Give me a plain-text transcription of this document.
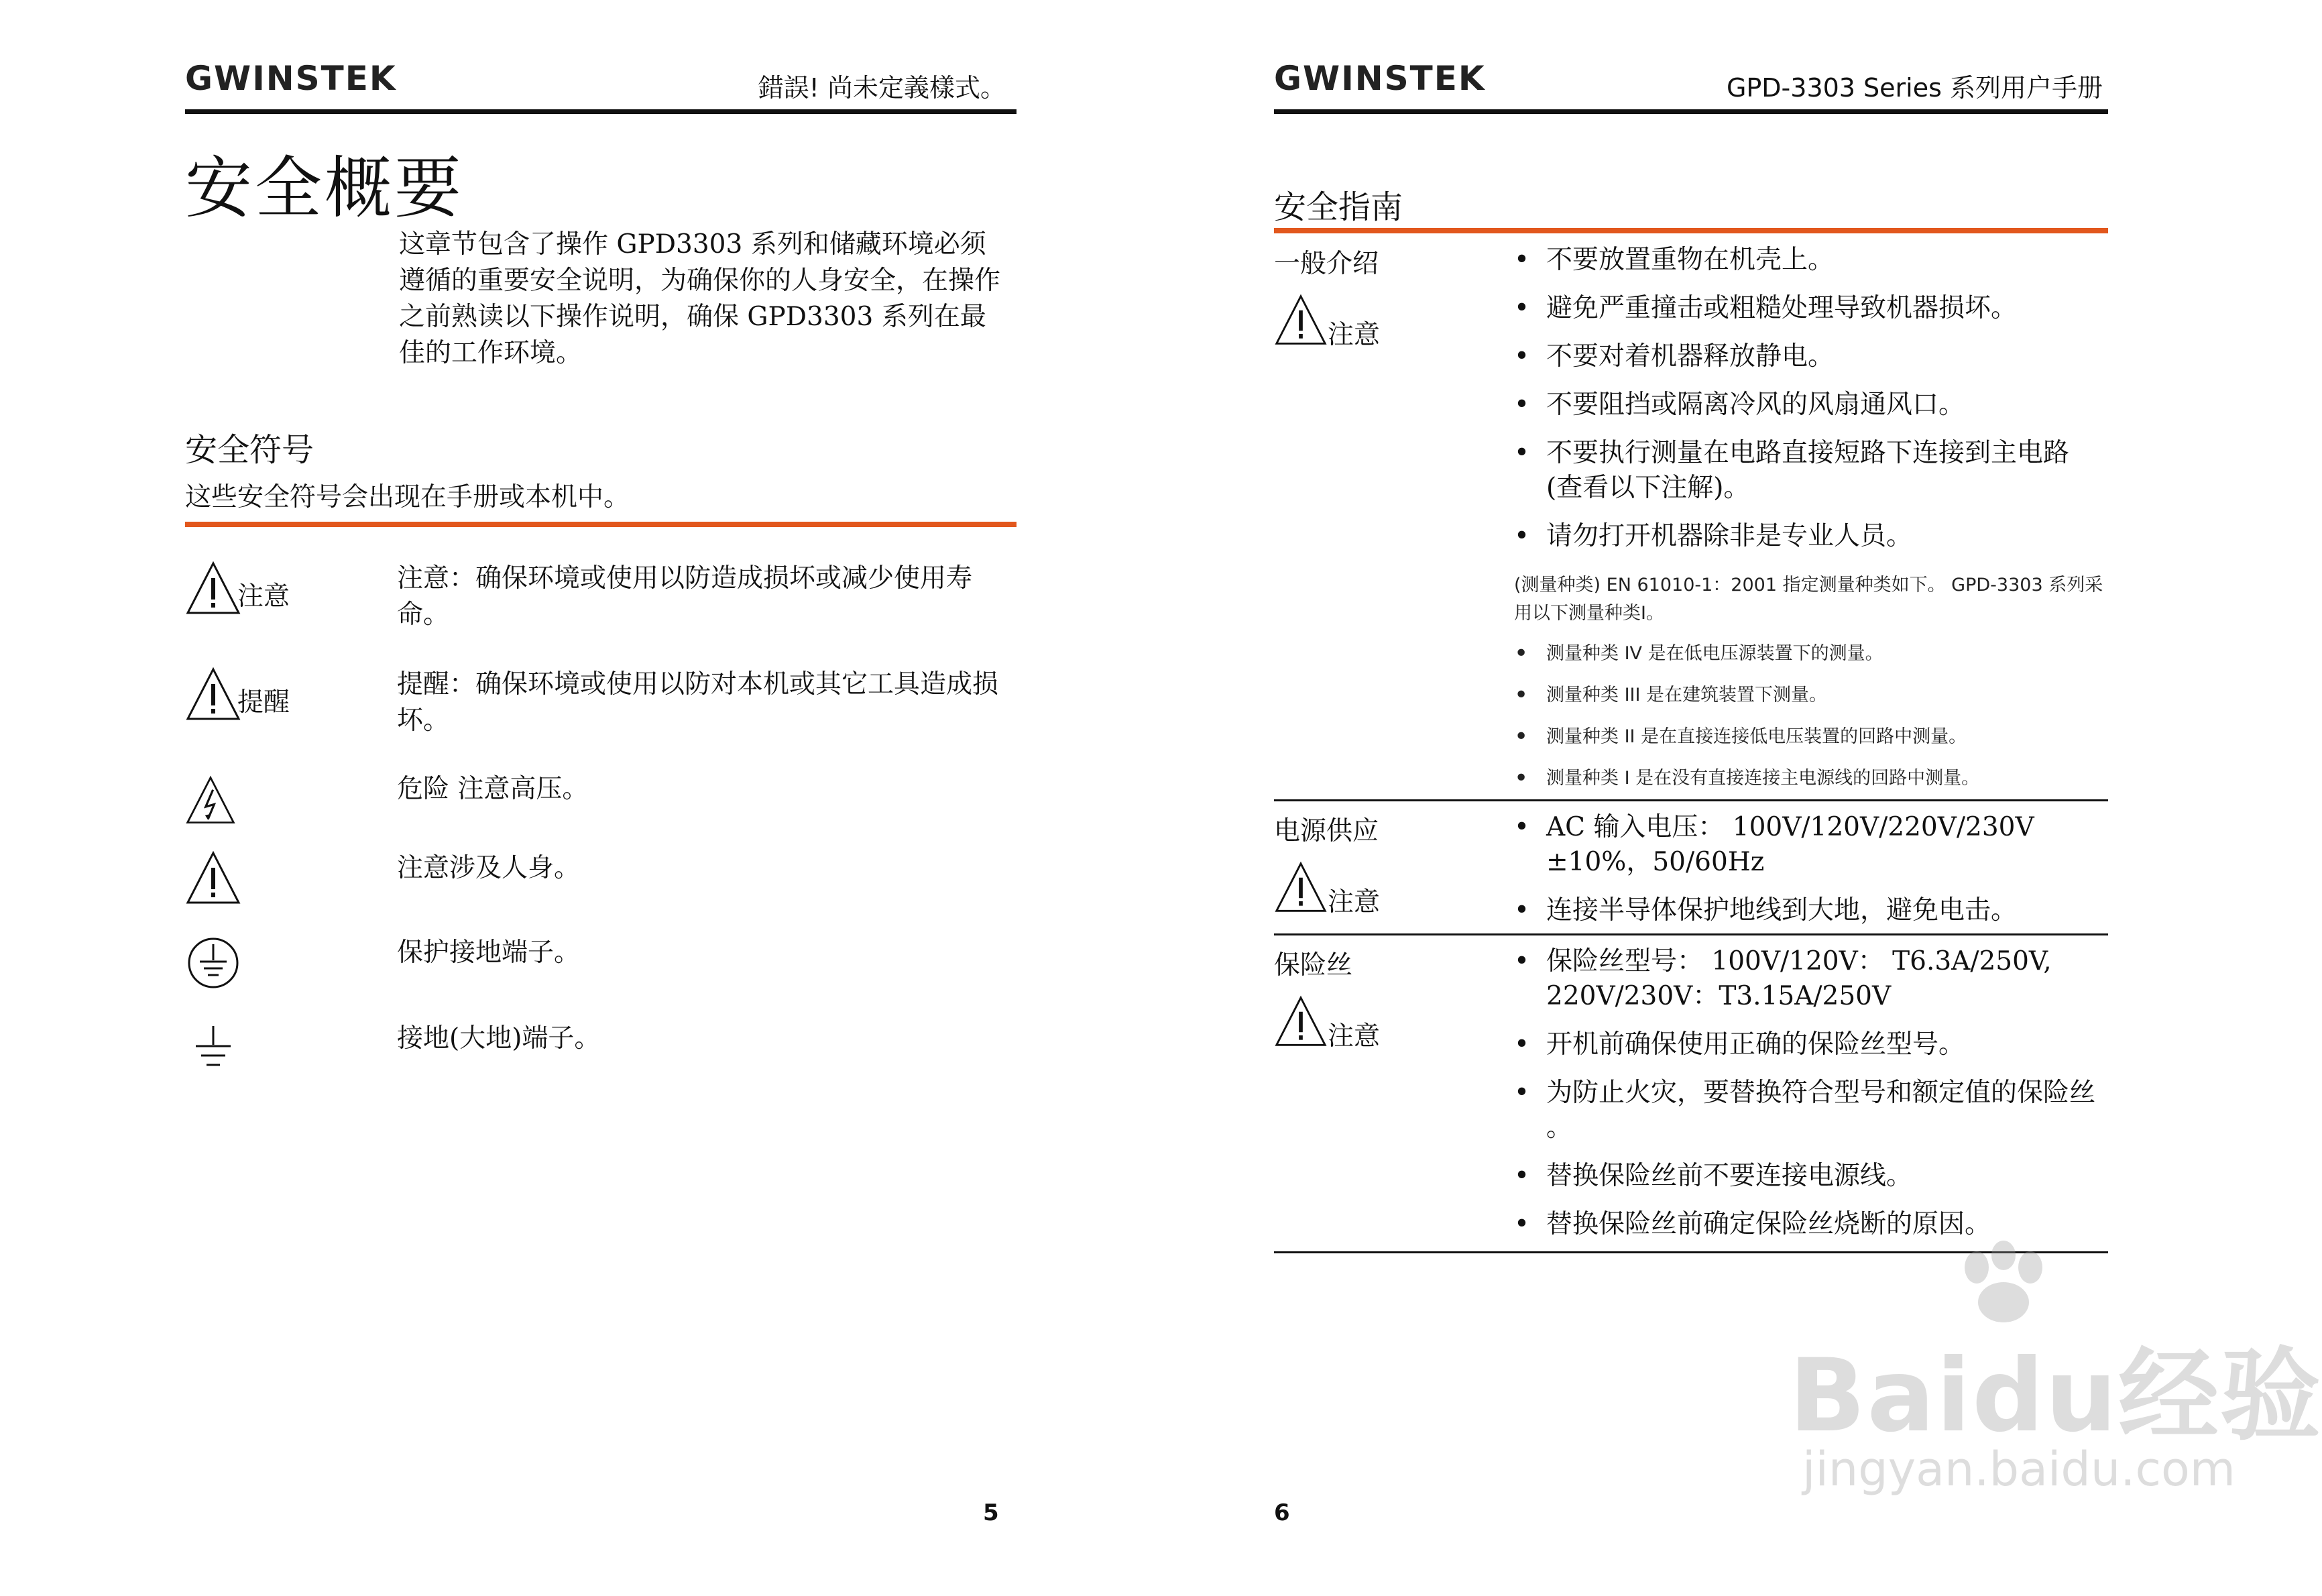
GWINSTEK	錯誤! 尚未定義樣式。
安全概要
这章节包含了操作 GPD3303 系列和储藏环境必须遵循的重要安全说明，为确保你的人身安全，在操作之前熟读以下操作说明，确保 GPD3303 系列在最佳的工作环境。
安全符号
这些安全符号会出现在手册或本机中。
注意
注意：确保环境或使用以防造成损坏或减少使用寿命。
提醒
提醒：确保环境或使用以防对本机或其它工具造成损坏。
危险 注意高压。
注意涉及人身。
保护接地端子。
接地(大地)端子。
5
GWINSTEK	GPD-3303 Series 系列用户手册
安全指南
一般介绍
注意
• 不要放置重物在机壳上。
• 避免严重撞击或粗糙处理导致机器损坏。
• 不要对着机器释放静电。
• 不要阻挡或隔离冷风的风扇通风口。
• 不要执行测量在电路直接短路下连接到主电路(查看以下注解)。
• 请勿打开机器除非是专业人员。
(测量种类) EN 61010-1：2001 指定测量种类如下。 GPD-3303 系列采用以下测量种类I。
• 测量种类 IV 是在低电压源装置下的测量。
• 测量种类 III 是在建筑装置下测量。
• 测量种类 II 是在直接连接低电压装置的回路中测量。
• 测量种类 I 是在没有直接连接主电源线的回路中测量。
电源供应
注意
• AC 输入电压： 100V/120V/220V/230V ±10%，50/60Hz
• 连接半导体保护地线到大地，避免电击。
保险丝
注意
• 保险丝型号： 100V/120V： T6.3A/250V, 220V/230V：T3.15A/250V
• 开机前确保使用正确的保险丝型号。
• 为防止火灾，要替换符合型号和额定值的保险丝 。
• 替换保险丝前不要连接电源线。
• 替换保险丝前确定保险丝烧断的原因。
6
Baidu经验
jingyan.baidu.com
